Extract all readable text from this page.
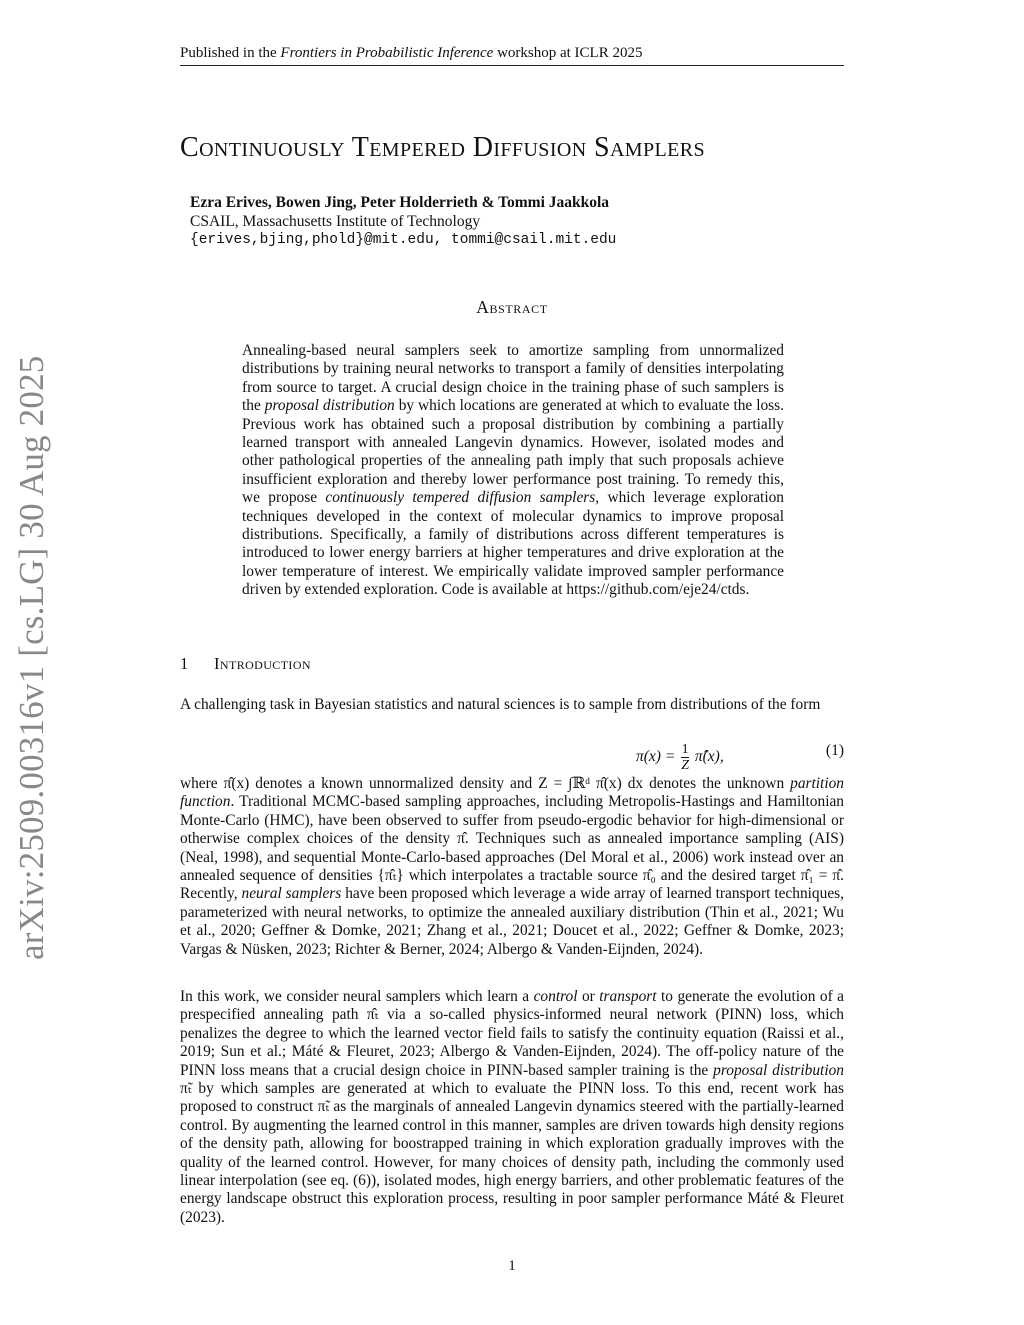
Published in the Frontiers in Probabilistic Inference workshop at ICLR 2025
arXiv:2509.00316v1 [cs.LG] 30 Aug 2025
Continuously Tempered Diffusion Samplers
Ezra Erives, Bowen Jing, Peter Holderrieth & Tommi Jaakkola
CSAIL, Massachusetts Institute of Technology
{erives,bjing,phold}@mit.edu, tommi@csail.mit.edu
Abstract
Annealing-based neural samplers seek to amortize sampling from unnormalized distributions by training neural networks to transport a family of densities interpolating from source to target. A crucial design choice in the training phase of such samplers is the proposal distribution by which locations are generated at which to evaluate the loss. Previous work has obtained such a proposal distribution by combining a partially learned transport with annealed Langevin dynamics. However, isolated modes and other pathological properties of the annealing path imply that such proposals achieve insufficient exploration and thereby lower performance post training. To remedy this, we propose continuously tempered diffusion samplers, which leverage exploration techniques developed in the context of molecular dynamics to improve proposal distributions. Specifically, a family of distributions across different temperatures is introduced to lower energy barriers at higher temperatures and drive exploration at the lower temperature of interest. We empirically validate improved sampler performance driven by extended exploration. Code is available at https://github.com/eje24/ctds.
1 Introduction
A challenging task in Bayesian statistics and natural sciences is to sample from distributions of the form
$\pi(x) = \frac{1}{Z}$ π̂(x),	(1)
where π̂(x) denotes a known unnormalized density and Z = ∫ℝᵈ π̂(x) dx denotes the unknown partition function. Traditional MCMC-based sampling approaches, including Metropolis-Hastings and Hamiltonian Monte-Carlo (HMC), have been observed to suffer from pseudo-ergodic behavior for high-dimensional or otherwise complex choices of the density π̂. Techniques such as annealed importance sampling (AIS) (Neal, 1998), and sequential Monte-Carlo-based approaches (Del Moral et al., 2006) work instead over an annealed sequence of densities {π̂ₜ} which interpolates a tractable source π̂₀ and the desired target π̂₁ = π̂. Recently, neural samplers have been proposed which leverage a wide array of learned transport techniques, parameterized with neural networks, to optimize the annealed auxiliary distribution (Thin et al., 2021; Wu et al., 2020; Geffner & Domke, 2021; Zhang et al., 2021; Doucet et al., 2022; Geffner & Domke, 2023; Vargas & Nüsken, 2023; Richter & Berner, 2024; Albergo & Vanden-Eijnden, 2024).
In this work, we consider neural samplers which learn a control or transport to generate the evolution of a prespecified annealing path π̂ₜ via a so-called physics-informed neural network (PINN) loss, which penalizes the degree to which the learned vector field fails to satisfy the continuity equation (Raissi et al., 2019; Sun et al.; Máté & Fleuret, 2023; Albergo & Vanden-Eijnden, 2024). The off-policy nature of the PINN loss means that a crucial design choice in PINN-based sampler training is the proposal distribution π̃ₜ by which samples are generated at which to evaluate the PINN loss. To this end, recent work has proposed to construct π̃ₜ as the marginals of annealed Langevin dynamics steered with the partially-learned control. By augmenting the learned control in this manner, samples are driven towards high density regions of the density path, allowing for boostrapped training in which exploration gradually improves with the quality of the learned control. However, for many choices of density path, including the commonly used linear interpolation (see eq. (6)), isolated modes, high energy barriers, and other problematic features of the energy landscape obstruct this exploration process, resulting in poor sampler performance Máté & Fleuret (2023).
1
